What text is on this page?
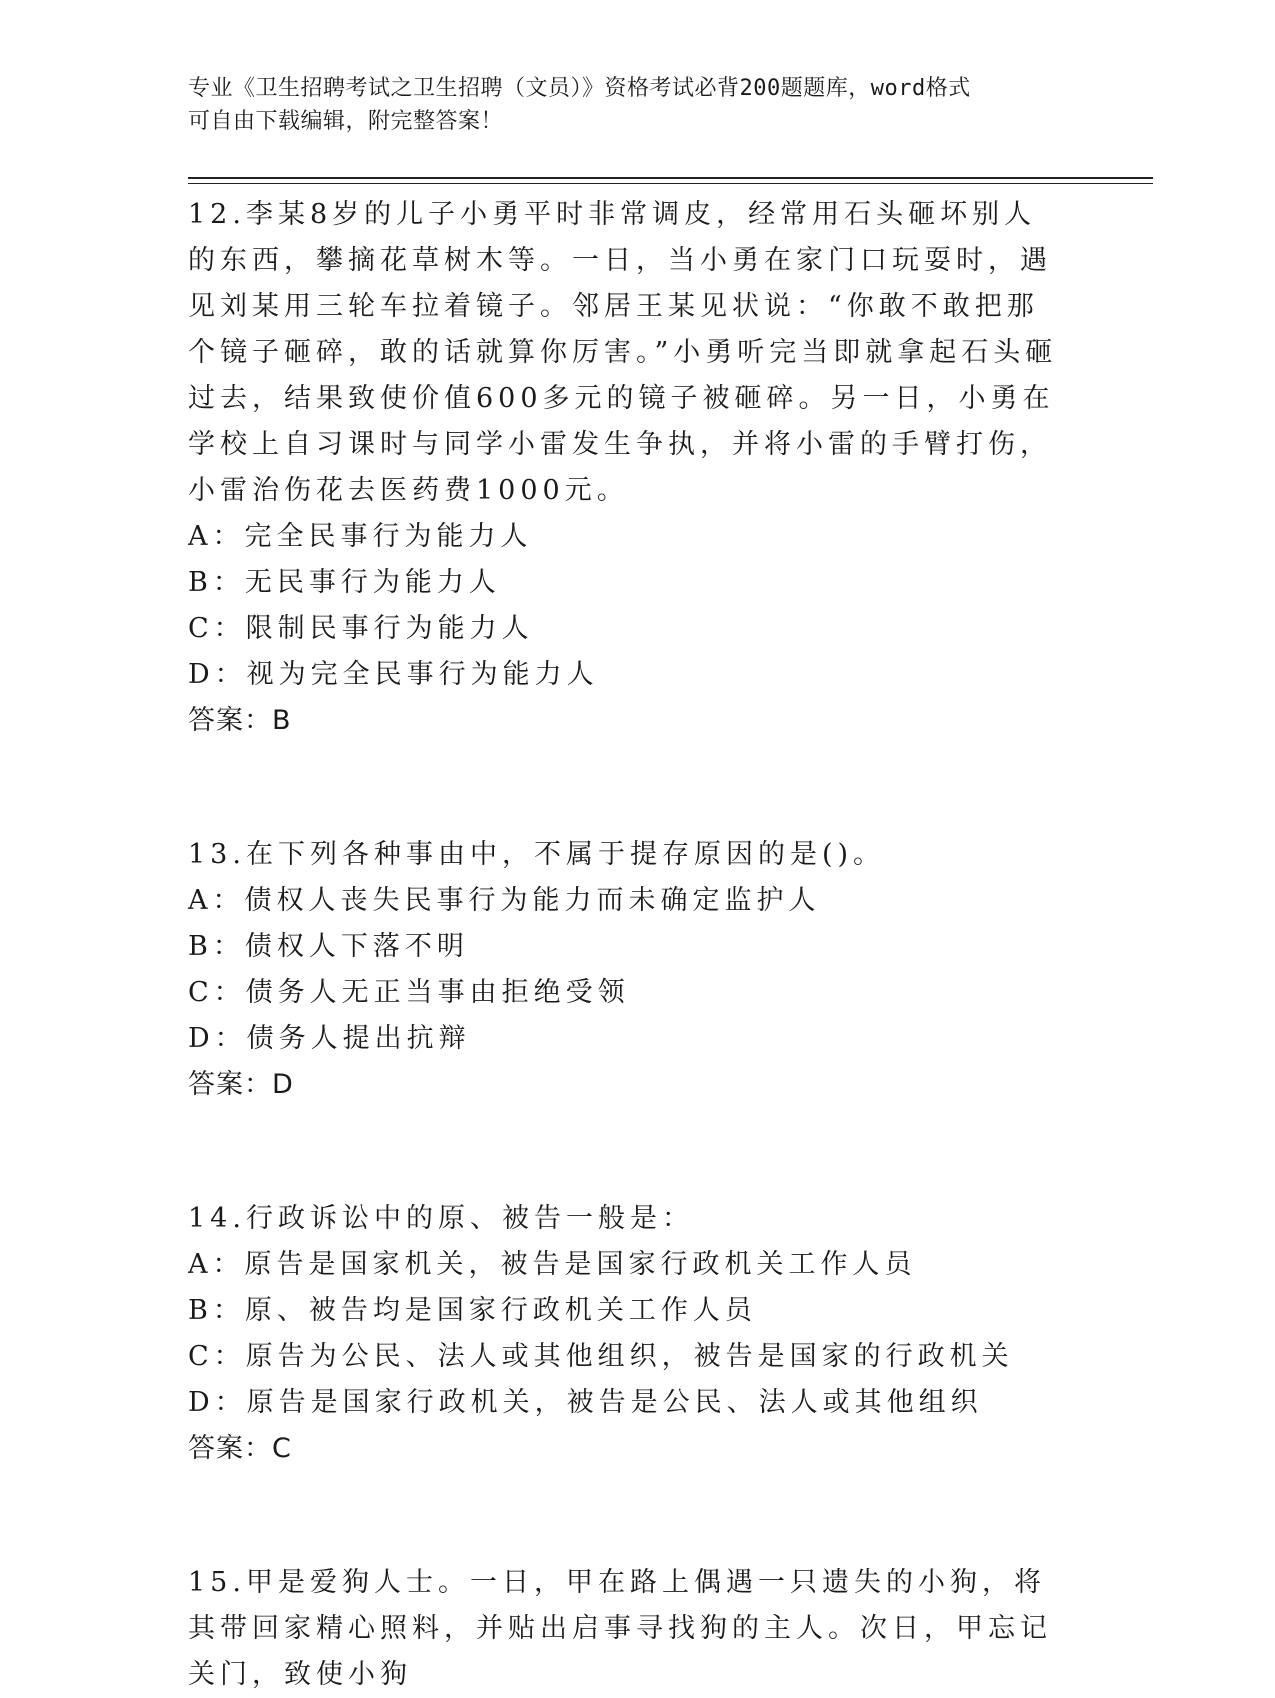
专业《卫生招聘考试之卫生招聘（文员）》资格考试必背200题题库，word格式
可自由下载编辑，附完整答案！
12.李某8岁的儿子小勇平时非常调皮，经常用石头砸坏别人的东西，攀摘花草树木等。一日，当小勇在家门口玩耍时，遇见刘某用三轮车拉着镜子。邻居王某见状说：“你敢不敢把那个镜子砸碎，敢的话就算你厉害。”小勇听完当即就拿起石头砸过去，结果致使价值600多元的镜子被砸碎。另一日，小勇在学校上自习课时与同学小雷发生争执，并将小雷的手臂打伤，小雷治伤花去医药费1000元。
A：完全民事行为能力人
B：无民事行为能力人
C：限制民事行为能力人
D：视为完全民事行为能力人
答案：B
13.在下列各种事由中，不属于提存原因的是()。
A：债权人丧失民事行为能力而未确定监护人
B：债权人下落不明
C：债务人无正当事由拒绝受领
D：债务人提出抗辩
答案：D
14.行政诉讼中的原、被告一般是：
A：原告是国家机关，被告是国家行政机关工作人员
B：原、被告均是国家行政机关工作人员
C：原告为公民、法人或其他组织，被告是国家的行政机关
D：原告是国家行政机关，被告是公民、法人或其他组织
答案：C
15.甲是爱狗人士。一日，甲在路上偶遇一只遗失的小狗，将其带回家精心照料，并贴出启事寻找狗的主人。次日，甲忘记关门，致使小狗
